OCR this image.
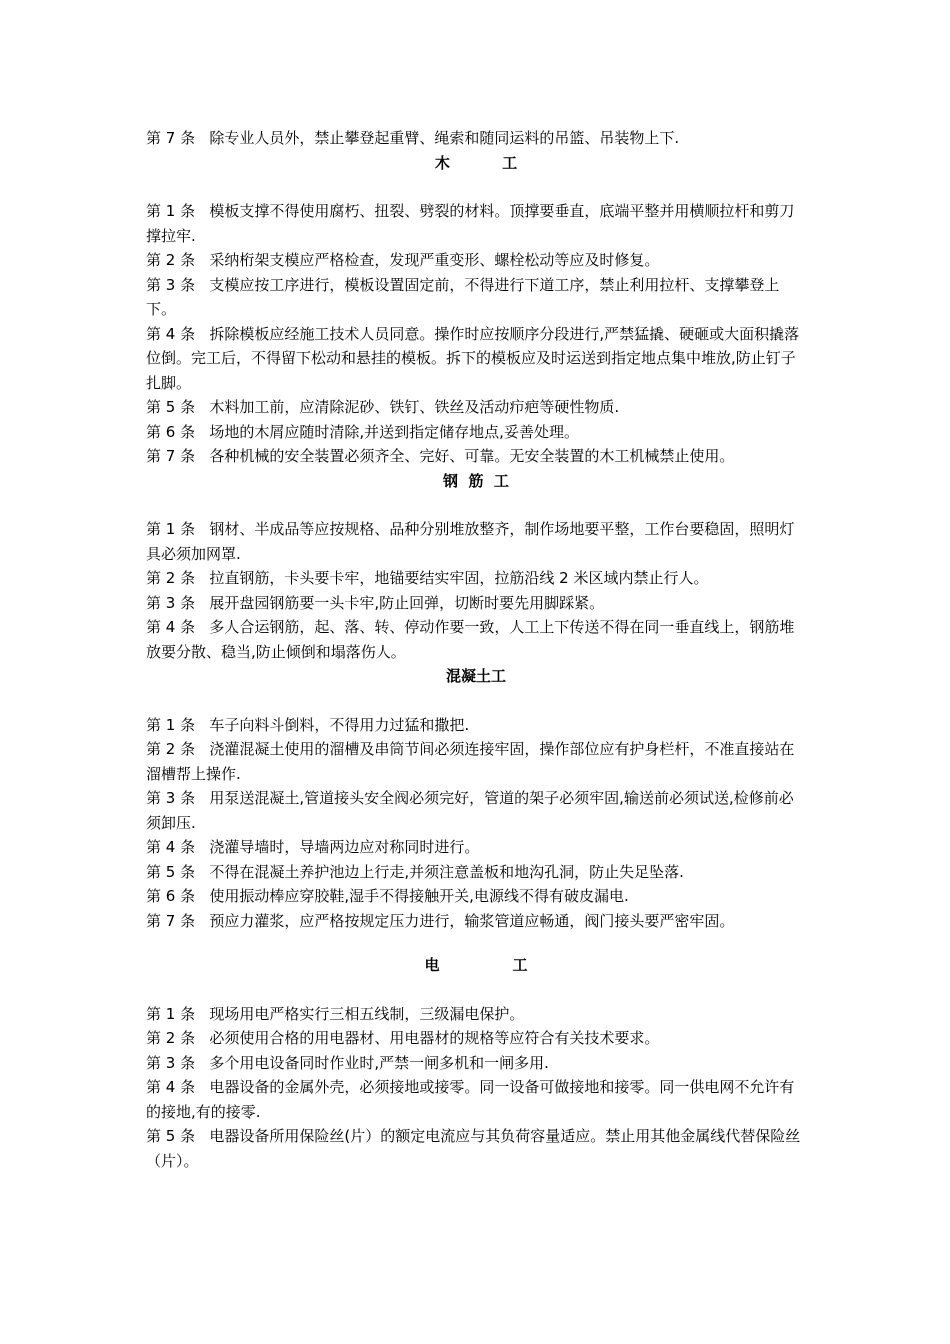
第 7 条 除专业人员外，禁止攀登起重臂、绳索和随同运料的吊篮、吊装物上下.

木          工

第 1 条 模板支撑不得使用腐朽、扭裂、劈裂的材料。顶撑要垂直，底端平整并用横顺拉杆和剪刀撑拉牢.

第 2 条 采纳桁架支模应严格检查，发现严重变形、螺栓松动等应及时修复。

第 3 条 支模应按工序进行，模板设置固定前，不得进行下道工序，禁止利用拉杆、支撑攀登上下。

第 4 条 拆除模板应经施工技术人员同意。操作时应按顺序分段进行,严禁猛撬、硬砸或大面积撬落位倒。完工后，不得留下松动和悬挂的模板。拆下的模板应及时运送到指定地点集中堆放,防止钉子扎脚。

第 5 条 木料加工前，应清除泥砂、铁钉、铁丝及活动疖疤等硬性物质.

第 6 条 场地的木屑应随时清除,并送到指定储存地点,妥善处理。

第 7 条 各种机械的安全装置必须齐全、完好、可靠。无安全装置的木工机械禁止使用。

钢  筋  工

第 1 条 钢材、半成品等应按规格、品种分别堆放整齐，制作场地要平整，工作台要稳固，照明灯具必须加网罩.

第 2 条 拉直钢筋，卡头要卡牢，地锚要结实牢固，拉筋沿线 2 米区域内禁止行人。

第 3 条 展开盘园钢筋要一头卡牢,防止回弹，切断时要先用脚踩紧。

第 4 条 多人合运钢筋，起、落、转、停动作要一致，人工上下传送不得在同一垂直线上，钢筋堆放要分散、稳当,防止倾倒和塌落伤人。

混凝土工

第 1 条 车子向料斗倒料，不得用力过猛和撒把.

第 2 条 浇灌混凝土使用的溜槽及串筒节间必须连接牢固，操作部位应有护身栏杆，不准直接站在溜槽帮上操作.

第 3 条 用泵送混凝土,管道接头安全阀必须完好，管道的架子必须牢固,输送前必须试送,检修前必须卸压.

第 4 条 浇灌导墙时，导墙两边应对称同时进行。

第 5 条 不得在混凝土养护池边上行走,并须注意盖板和地沟孔洞，防止失足坠落.

第 6 条 使用振动棒应穿胶鞋,湿手不得接触开关,电源线不得有破皮漏电.

第 7 条 预应力灌浆，应严格按规定压力进行，输浆管道应畅通，阀门接头要严密牢固。

电              工

第 1 条 现场用电严格实行三相五线制，三级漏电保护。

第 2 条 必须使用合格的用电器材、用电器材的规格等应符合有关技术要求。

第 3 条 多个用电设备同时作业时,严禁一闸多机和一闸多用.

第 4 条 电器设备的金属外壳，必须接地或接零。同一设备可做接地和接零。同一供电网不允许有的接地,有的接零.

第 5 条 电器设备所用保险丝(片）的额定电流应与其负荷容量适应。禁止用其他金属线代替保险丝（片）。
